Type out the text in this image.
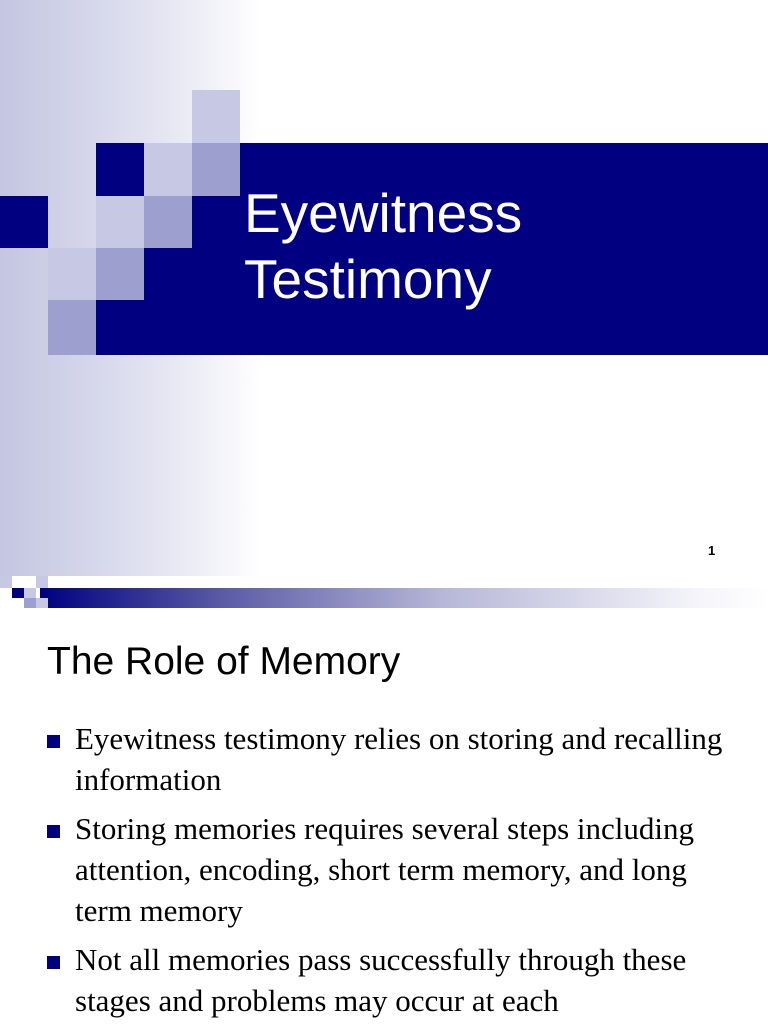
Eyewitness
Testimony
1
The Role of Memory
Eyewitness testimony relies on storing and recalling information
Storing memories requires several steps including attention, encoding, short term memory, and long term memory
Not all memories pass successfully through these stages and problems may occur at each
